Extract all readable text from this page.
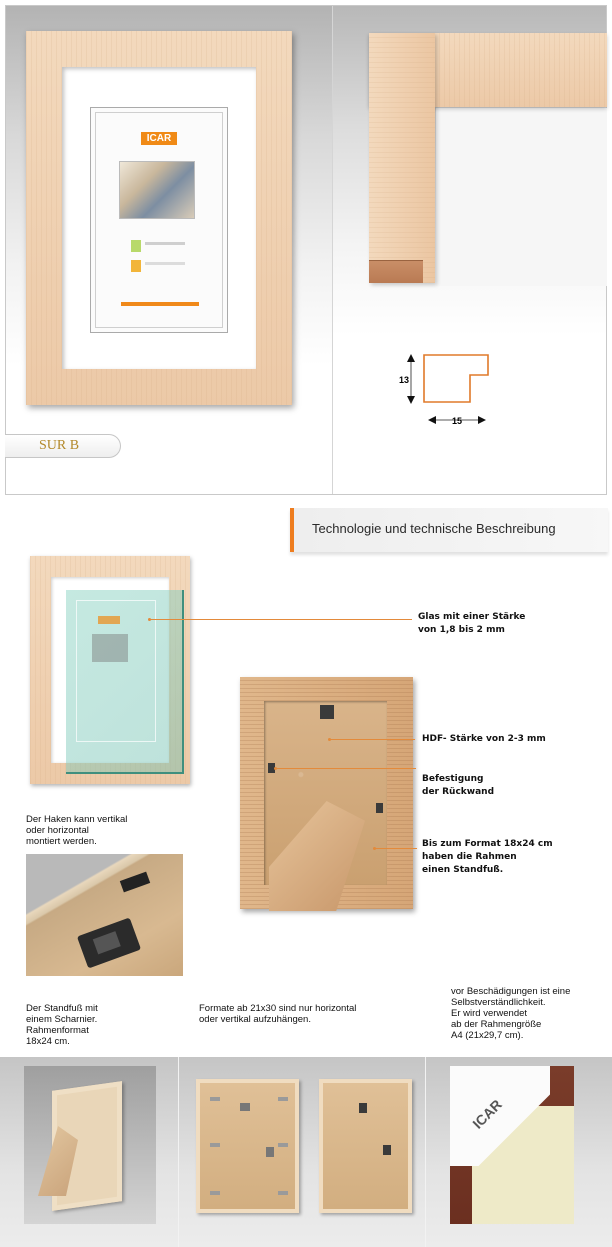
ICAR
13
15
SUR B
Technologie und technische Beschreibung
Glas mit einer Stärke
von 1,8 bis 2 mm
HDF- Stärke von 2-3 mm
Befestigung
der Rückwand
Bis zum Format 18x24 cm
haben die Rahmen
einen Standfuß.
Der Haken kann vertikal
oder horizontal
montiert werden.
Der Standfuß mit
einem Scharnier.
Rahmenformat
18x24 cm.
Formate ab 21x30 sind nur horizontal
oder vertikal aufzuhängen.
vor Beschädigungen ist eine
Selbstverständlichkeit.
Er wird verwendet
ab der Rahmengröße
A4 (21x29,7 cm).
ICAR
